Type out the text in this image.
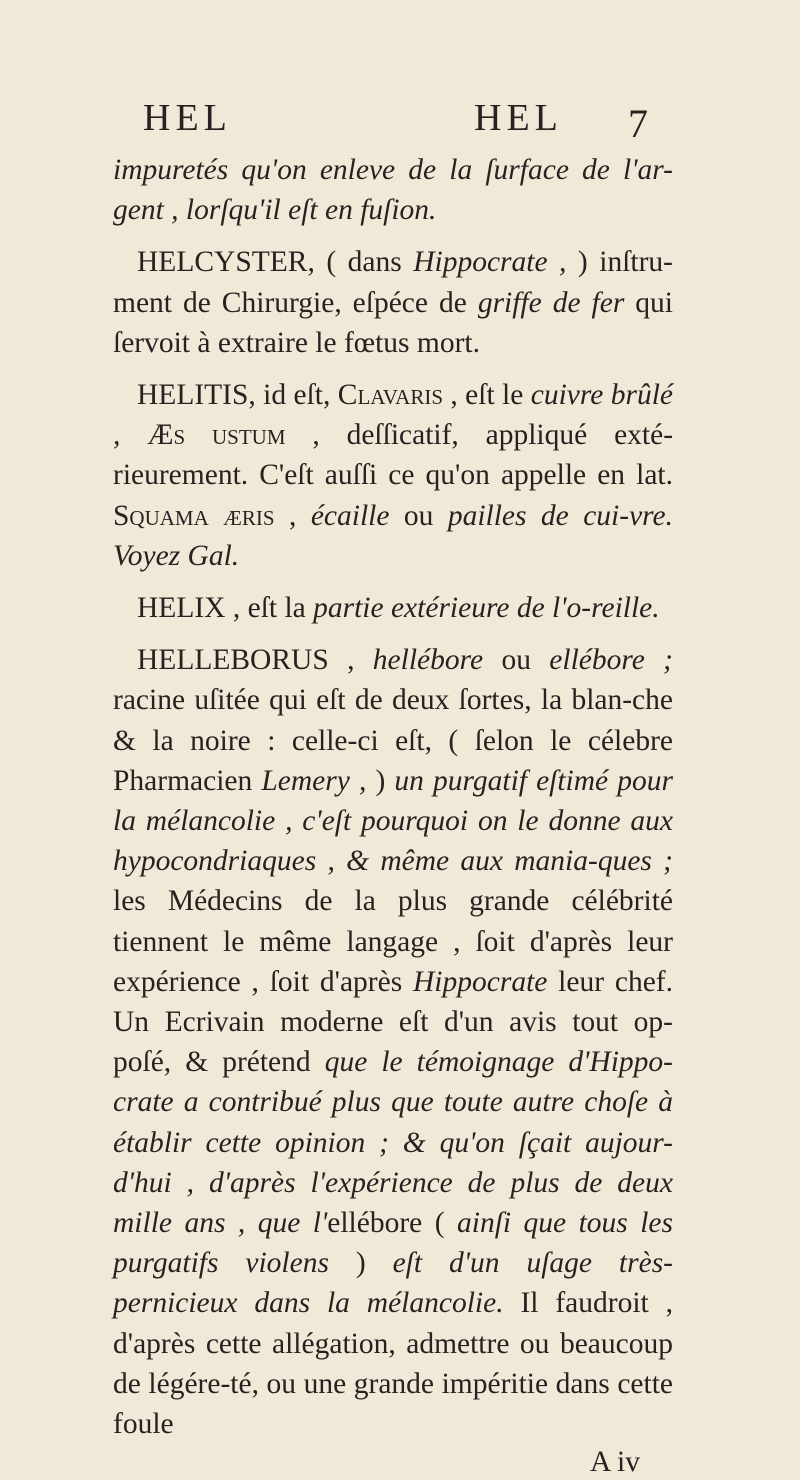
HEL	HEL 7

impuretés qu'on enleve de la ſurface de l'ar-gent , lorſqu'il eſt en fuſion.

HELCYSTER, ( dans Hippocrate , ) inſtru-ment de Chirurgie, eſpéce de griffe de fer qui ſervoit à extraire le fœtus mort.

HELITIS, id eſt, Clavaris , eſt le cuivre brûlé , Æs ustum , deſſicatif, appliqué exté-rieurement. C'eſt auſſi ce qu'on appelle en lat. Squama æris , écaille ou pailles de cui-vre. Voyez Gal.

HELIX , eſt la partie extérieure de l'o-reille.

HELLEBORUS , hellébore ou ellébore ; racine uſitée qui eſt de deux ſortes, la blan-che & la noire : celle-ci eſt, ( ſelon le célebre Pharmacien Lemery , ) un purgatif eſtimé pour la mélancolie , c'eſt pourquoi on le donne aux hypocondriaques , & même aux mania-ques ; les Médecins de la plus grande célébrité tiennent le même langage , ſoit d'après leur expérience , ſoit d'après Hippocrate leur chef. Un Ecrivain moderne eſt d'un avis tout op-poſé, & prétend que le témoignage d'Hippo-crate a contribué plus que toute autre choſe à établir cette opinion ; & qu'on ſçait aujour-d'hui , d'après l'expérience de plus de deux mille ans , que l'ellébore ( ainſi que tous les purgatifs violens ) eſt d'un uſage très-pernicieux dans la mélancolie. Il faudroit , d'après cette allégation, admettre ou beaucoup de légére-té, ou une grande impéritie dans cette foule

A iv
